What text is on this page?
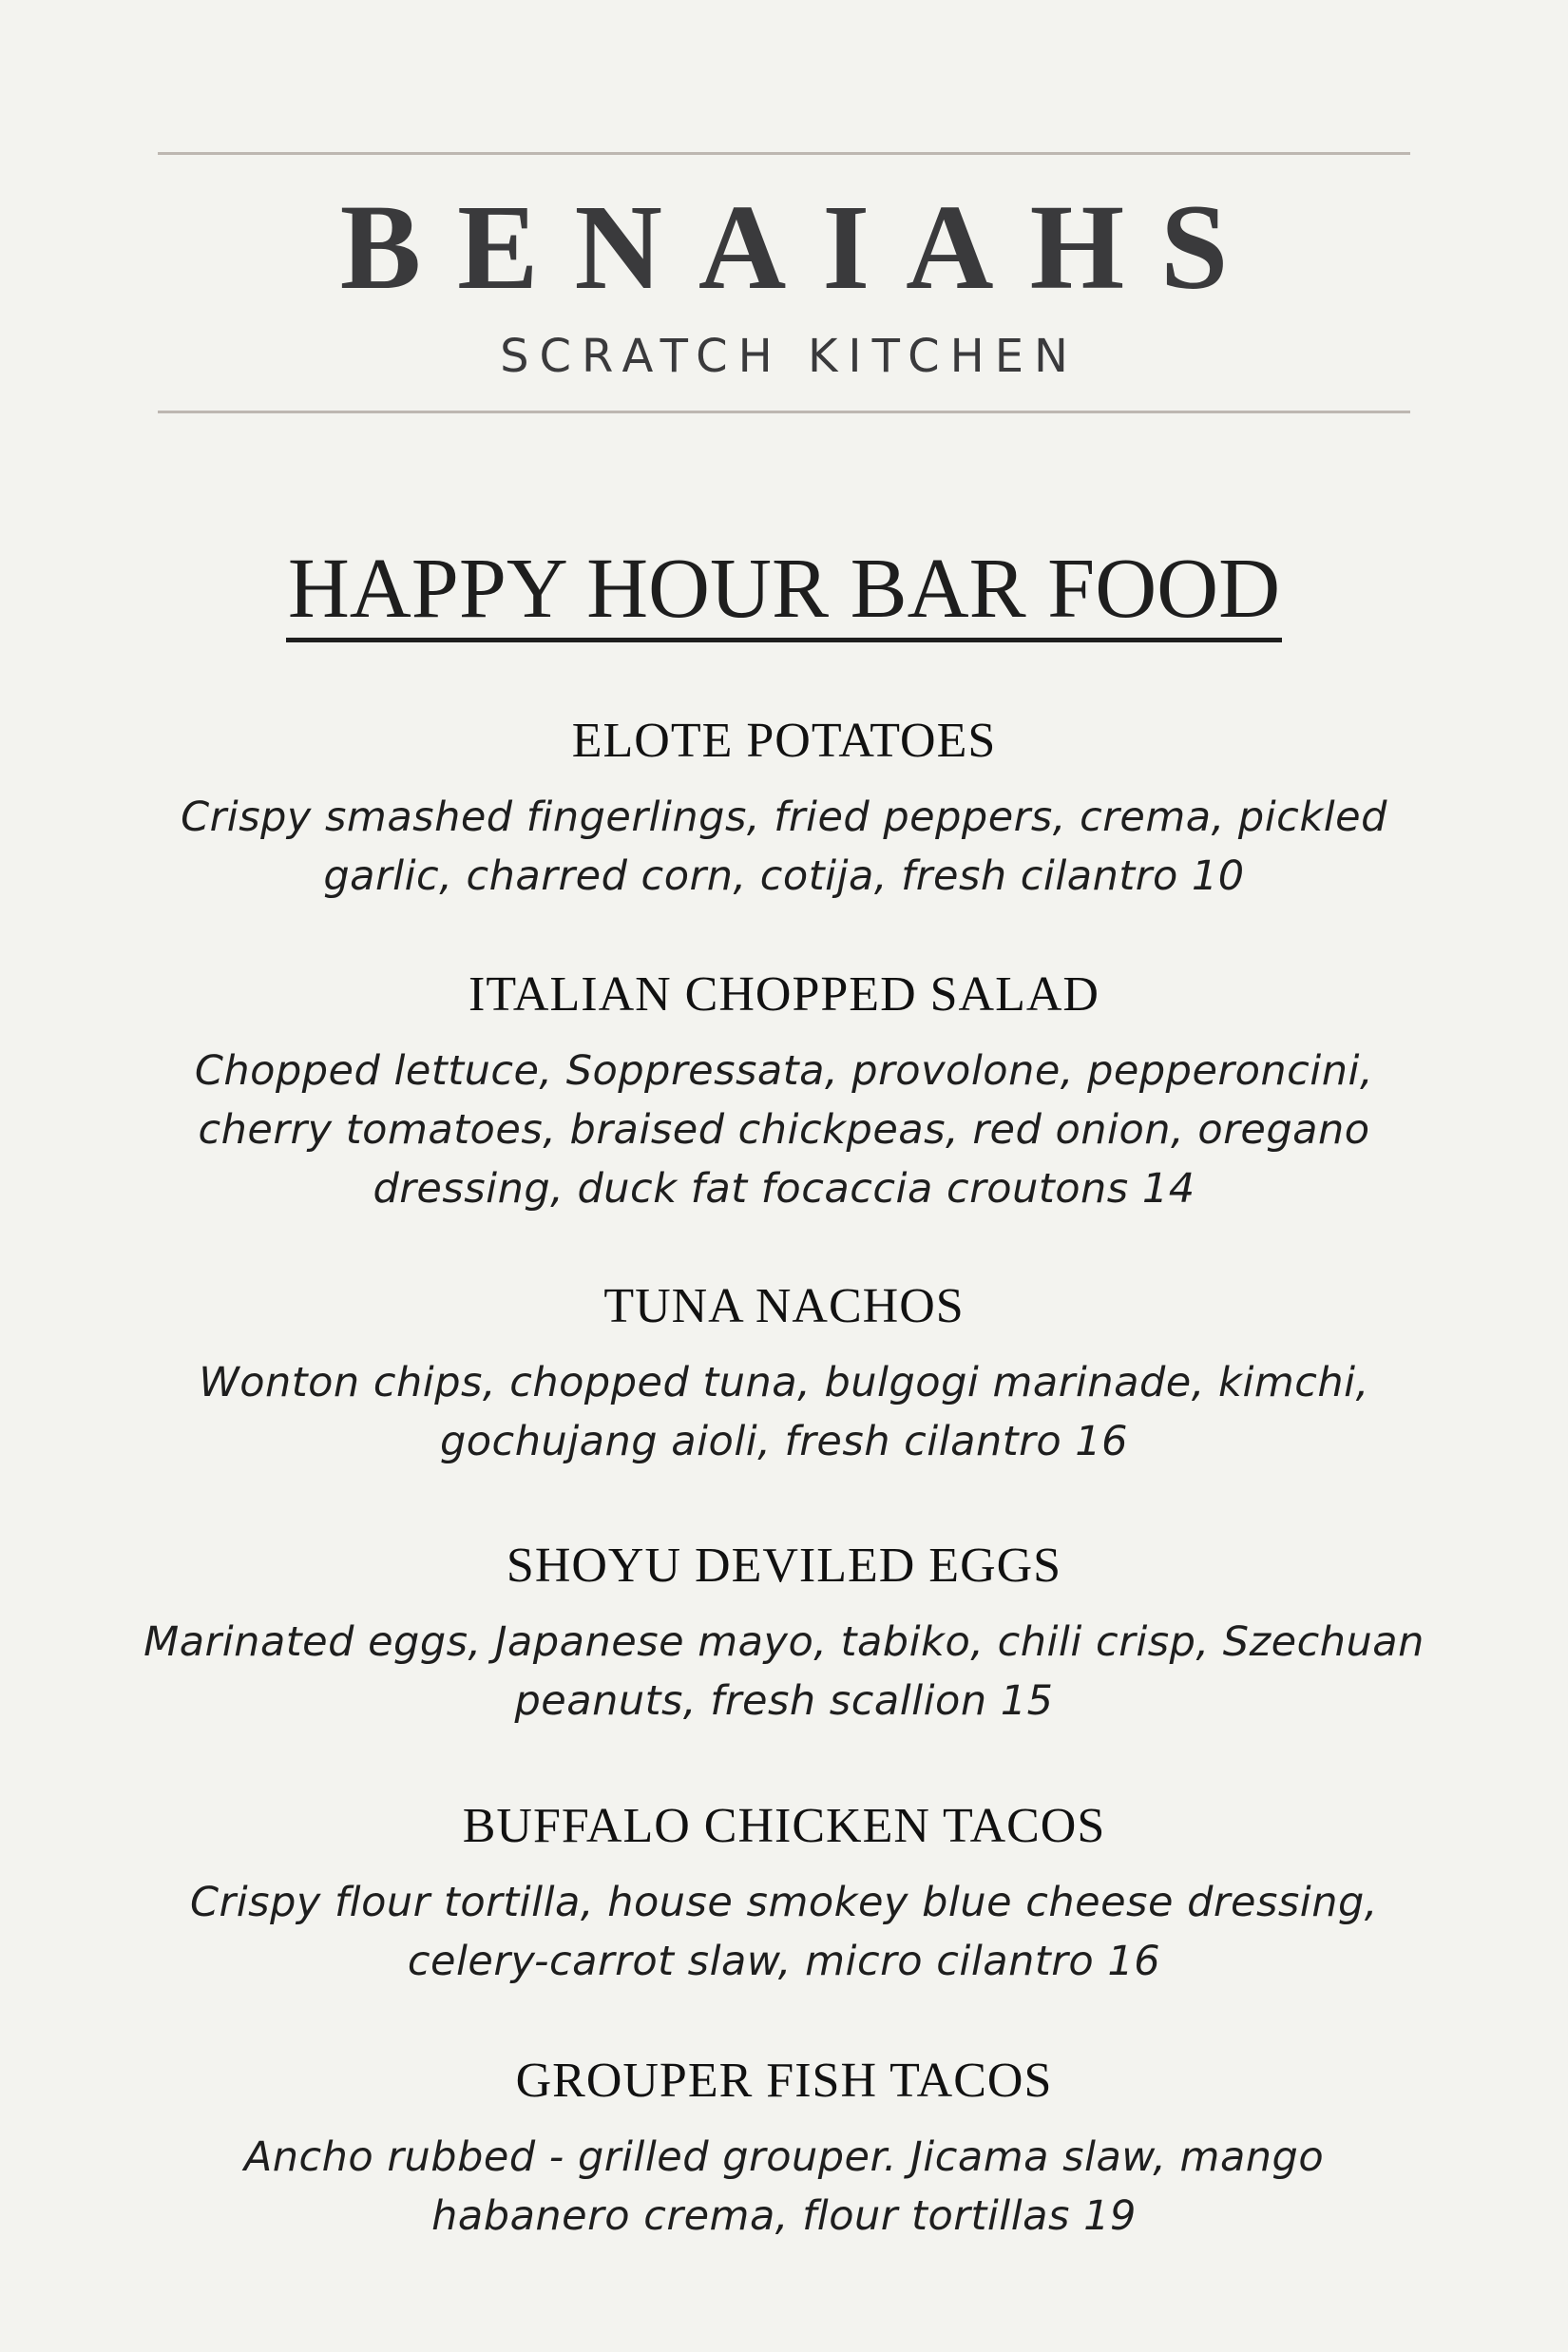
BENAIAHS
SCRATCH KITCHEN
HAPPY HOUR BAR FOOD

ELOTE POTATOES

Crispy smashed fingerlings, fried peppers, crema, pickled garlic, charred corn, cotija, fresh cilantro 10

ITALIAN CHOPPED SALAD

Chopped lettuce, Soppressata, provolone, pepperoncini, cherry tomatoes, braised chickpeas, red onion, oregano dressing, duck fat focaccia croutons 14

TUNA NACHOS

Wonton chips, chopped tuna, bulgogi marinade, kimchi, gochujang aioli, fresh cilantro 16

SHOYU DEVILED EGGS

Marinated eggs, Japanese mayo, tabiko, chili crisp, Szechuan peanuts, fresh scallion 15

BUFFALO CHICKEN TACOS

Crispy flour tortilla, house smokey blue cheese dressing, celery-carrot slaw, micro cilantro 16

GROUPER FISH TACOS

Ancho rubbed - grilled grouper. Jicama slaw, mango habanero crema, flour tortillas 19
